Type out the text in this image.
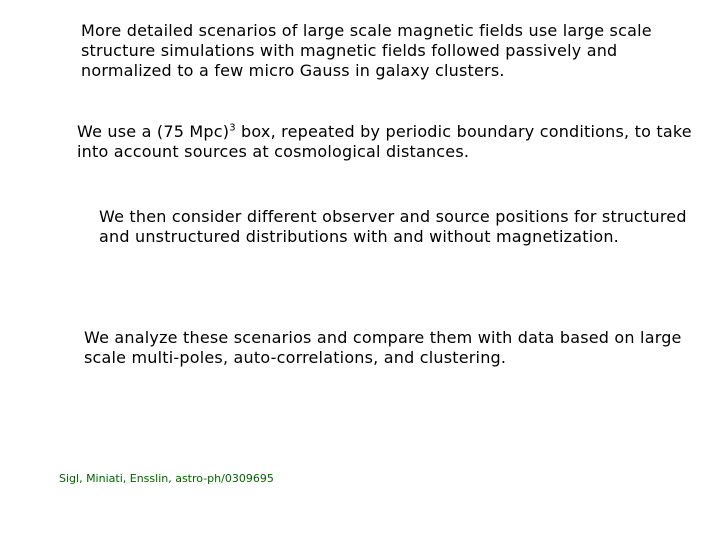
More detailed scenarios of large scale magnetic fields use large scale structure simulations with magnetic fields followed passively and normalized to a few micro Gauss in galaxy clusters.

We use a (75 Mpc)$^3$ box, repeated by periodic boundary conditions, to take into account sources at cosmological distances.

We then consider different observer and source positions for structured and unstructured distributions with and without magnetization.

We analyze these scenarios and compare them with data based on large scale multi-poles, auto-correlations, and clustering.

Sigl, Miniati, Ensslin, astro-ph/0309695
